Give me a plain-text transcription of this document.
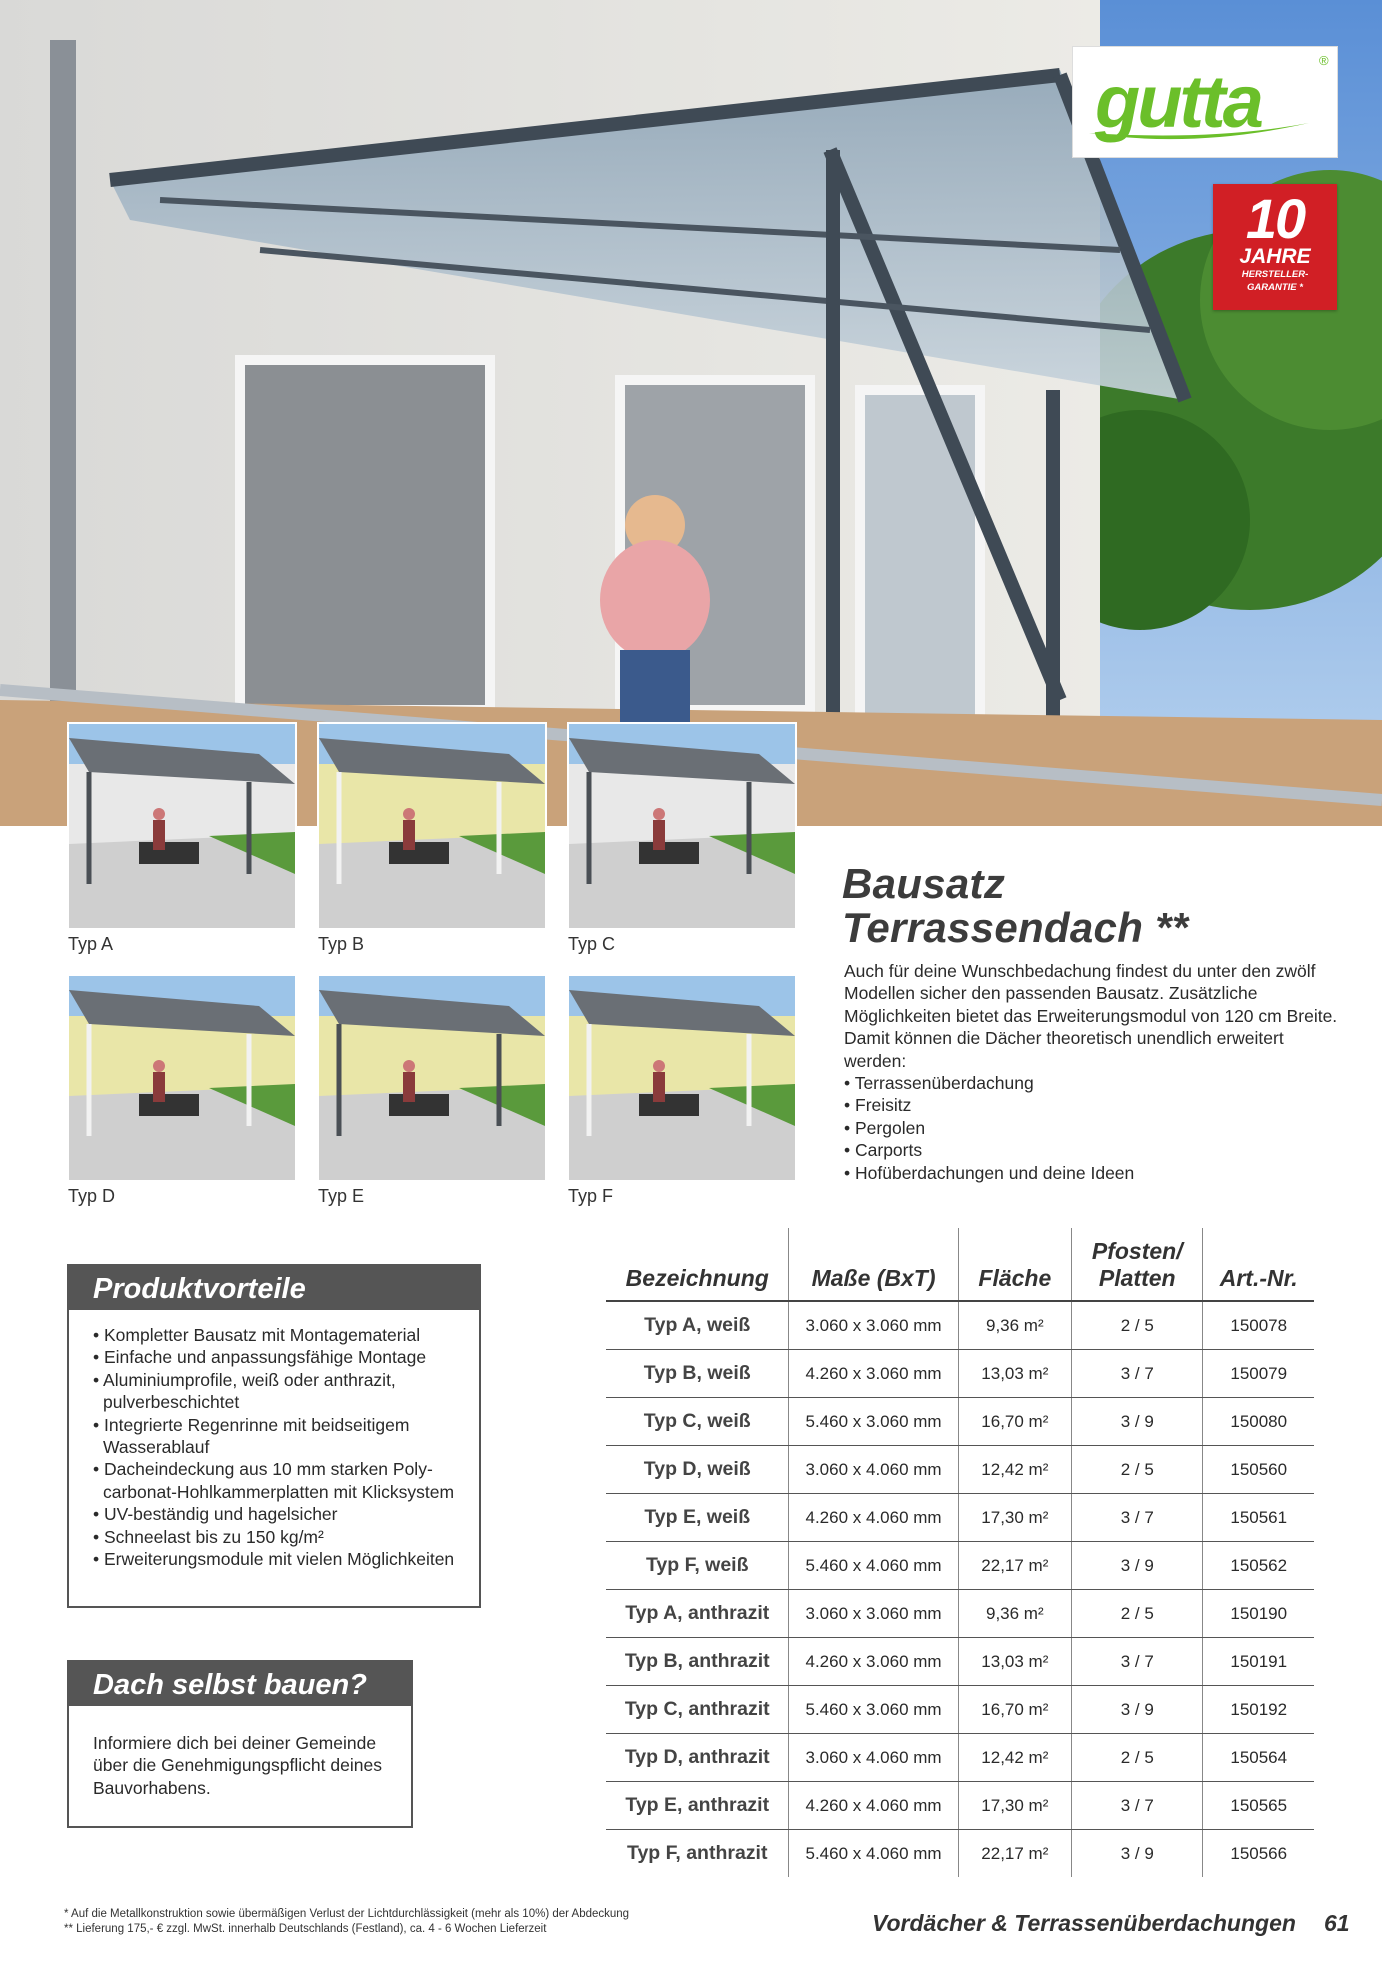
gutta	®
10
JAHRE
HERSTELLER-
GARANTIE *
Typ A	Typ B	Typ C
Typ D	Typ E	Typ F
Bausatz
Terrassendach **
Auch für deine Wunschbedachung findest du unter den zwölf Modellen sicher den passenden Bausatz. Zusätzliche Möglichkeiten bietet das Erweiterungsmodul von 120 cm Breite. Damit können die Dächer theoretisch unendlich erweitert werden:
• Terrassenüberdachung
• Freisitz
• Pergolen
• Carports
• Hofüberdachungen und deine Ideen
Produktvorteile
• Kompletter Bausatz mit Montagematerial
• Einfache und anpassungsfähige Montage
• Aluminiumprofile, weiß oder anthrazit, pulverbeschichtet
• Integrierte Regenrinne mit beidseitigem Wasserablauf
• Dacheindeckung aus 10 mm starken Poly-carbonat-Hohlkammerplatten mit Klicksystem
• UV-beständig und hagelsicher
• Schneelast bis zu 150 kg/m²
• Erweiterungsmodule mit vielen Möglichkeiten
Dach selbst bauen?
Informiere dich bei deiner Gemeinde über die Genehmigungspflicht deines Bauvorhabens.
Bezeichnung	Maße (BxT)	Fläche	Pfosten/ Platten	Art.-Nr.
Typ A, weiß	3.060 x 3.060 mm	9,36 m²	2 / 5	150078
Typ B, weiß	4.260 x 3.060 mm	13,03 m²	3 / 7	150079
Typ C, weiß	5.460 x 3.060 mm	16,70 m²	3 / 9	150080
Typ D, weiß	3.060 x 4.060 mm	12,42 m²	2 / 5	150560
Typ E, weiß	4.260 x 4.060 mm	17,30 m²	3 / 7	150561
Typ F, weiß	5.460 x 4.060 mm	22,17 m²	3 / 9	150562
Typ A, anthrazit	3.060 x 3.060 mm	9,36 m²	2 / 5	150190
Typ B, anthrazit	4.260 x 3.060 mm	13,03 m²	3 / 7	150191
Typ C, anthrazit	5.460 x 3.060 mm	16,70 m²	3 / 9	150192
Typ D, anthrazit	3.060 x 4.060 mm	12,42 m²	2 / 5	150564
Typ E, anthrazit	4.260 x 4.060 mm	17,30 m²	3 / 7	150565
Typ F, anthrazit	5.460 x 4.060 mm	22,17 m²	3 / 9	150566
* Auf die Metallkonstruktion sowie übermäßigen Verlust der Lichtdurchlässigkeit (mehr als 10%) der Abdeckung
** Lieferung 175,- € zzgl. MwSt. innerhalb Deutschlands (Festland), ca. 4 - 6 Wochen Lieferzeit	Vordächer & Terrassenüberdachungen 61
